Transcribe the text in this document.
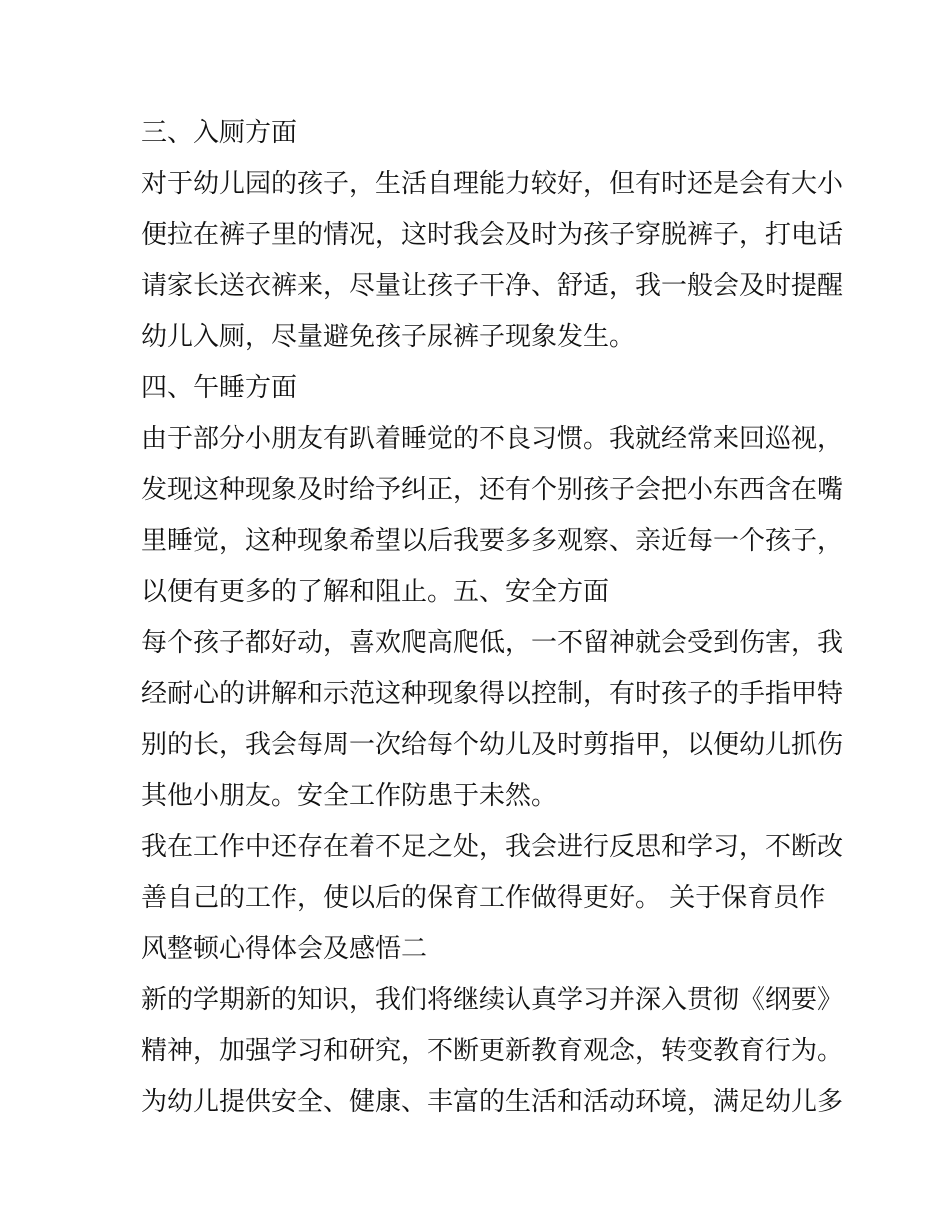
三、入厕方面
对于幼儿园的孩子，生活自理能力较好，但有时还是会有大小
便拉在裤子里的情况，这时我会及时为孩子穿脱裤子，打电话
请家长送衣裤来，尽量让孩子干净、舒适，我一般会及时提醒
幼儿入厕，尽量避免孩子尿裤子现象发生。
四、午睡方面
由于部分小朋友有趴着睡觉的不良习惯。我就经常来回巡视，
发现这种现象及时给予纠正，还有个别孩子会把小东西含在嘴
里睡觉，这种现象希望以后我要多多观察、亲近每一个孩子，
以便有更多的了解和阻止。五、安全方面
每个孩子都好动，喜欢爬高爬低，一不留神就会受到伤害，我
经耐心的讲解和示范这种现象得以控制，有时孩子的手指甲特
别的长，我会每周一次给每个幼儿及时剪指甲，以便幼儿抓伤
其他小朋友。安全工作防患于未然。
我在工作中还存在着不足之处，我会进行反思和学习，不断改
善自己的工作，使以后的保育工作做得更好。 关于保育员作
风整顿心得体会及感悟二
新的学期新的知识，我们将继续认真学习并深入贯彻《纲要》
精神，加强学习和研究，不断更新教育观念，转变教育行为。
为幼儿提供安全、健康、丰富的生活和活动环境，满足幼儿多
